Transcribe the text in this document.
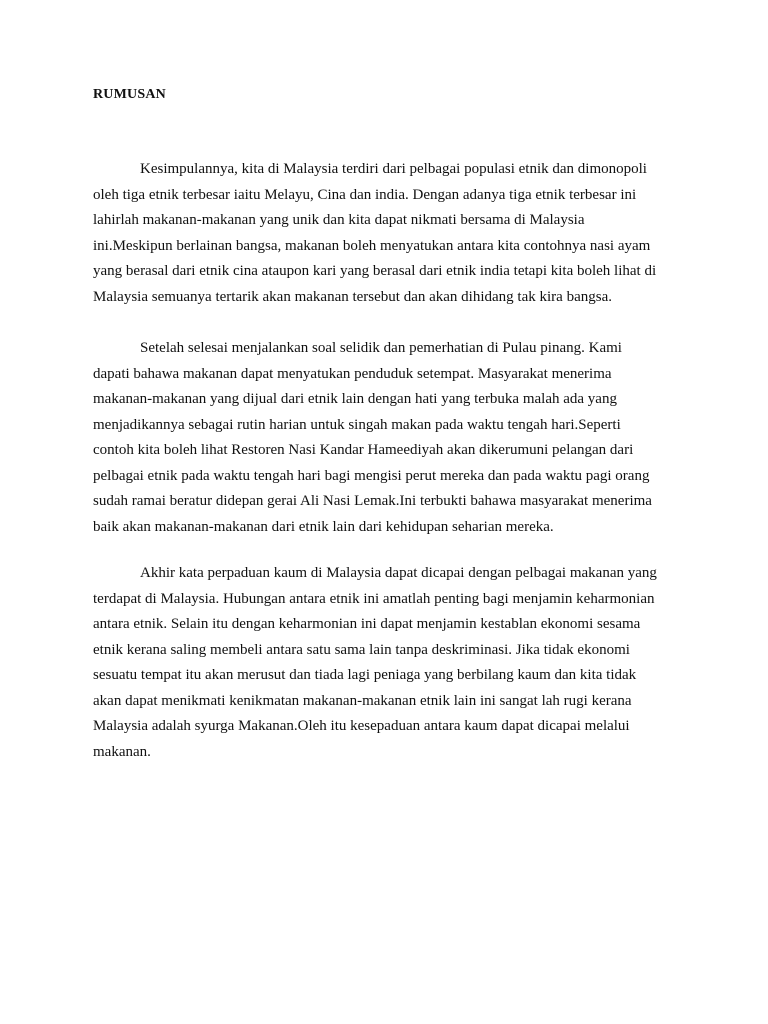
RUMUSAN

Kesimpulannya, kita di Malaysia terdiri dari pelbagai populasi etnik dan dimonopoli
oleh tiga etnik terbesar iaitu Melayu, Cina dan india. Dengan adanya tiga etnik terbesar ini
lahirlah makanan-makanan yang unik dan kita dapat nikmati bersama di Malaysia
ini.Meskipun berlainan bangsa, makanan boleh menyatukan antara kita contohnya nasi ayam
yang berasal dari etnik cina ataupon kari yang berasal dari etnik india tetapi kita boleh lihat di
Malaysia semuanya tertarik akan makanan tersebut dan akan dihidang tak kira bangsa.

Setelah selesai menjalankan soal selidik dan pemerhatian di Pulau pinang. Kami
dapati bahawa makanan dapat menyatukan penduduk setempat. Masyarakat menerima
makanan-makanan yang dijual dari etnik lain dengan hati yang terbuka malah ada yang
menjadikannya sebagai rutin harian untuk singah makan pada waktu tengah hari.Seperti
contoh kita boleh lihat Restoren Nasi Kandar Hameediyah akan dikerumuni pelangan dari
pelbagai etnik pada waktu tengah hari bagi mengisi perut mereka dan pada waktu pagi orang
sudah ramai beratur didepan gerai Ali Nasi Lemak.Ini terbukti bahawa masyarakat menerima
baik akan makanan-makanan dari etnik lain dari kehidupan seharian mereka.

Akhir kata perpaduan kaum di Malaysia dapat dicapai dengan pelbagai makanan yang
terdapat di Malaysia. Hubungan antara etnik ini amatlah penting bagi menjamin keharmonian
antara etnik. Selain itu dengan keharmonian ini dapat menjamin kestablan ekonomi sesama
etnik kerana saling membeli antara satu sama lain tanpa deskriminasi. Jika tidak ekonomi
sesuatu tempat itu akan merusut dan tiada lagi peniaga yang berbilang kaum dan kita tidak
akan dapat menikmati kenikmatan makanan-makanan etnik lain ini sangat lah rugi kerana
Malaysia adalah syurga Makanan.Oleh itu kesepaduan antara kaum dapat dicapai melalui
makanan.
